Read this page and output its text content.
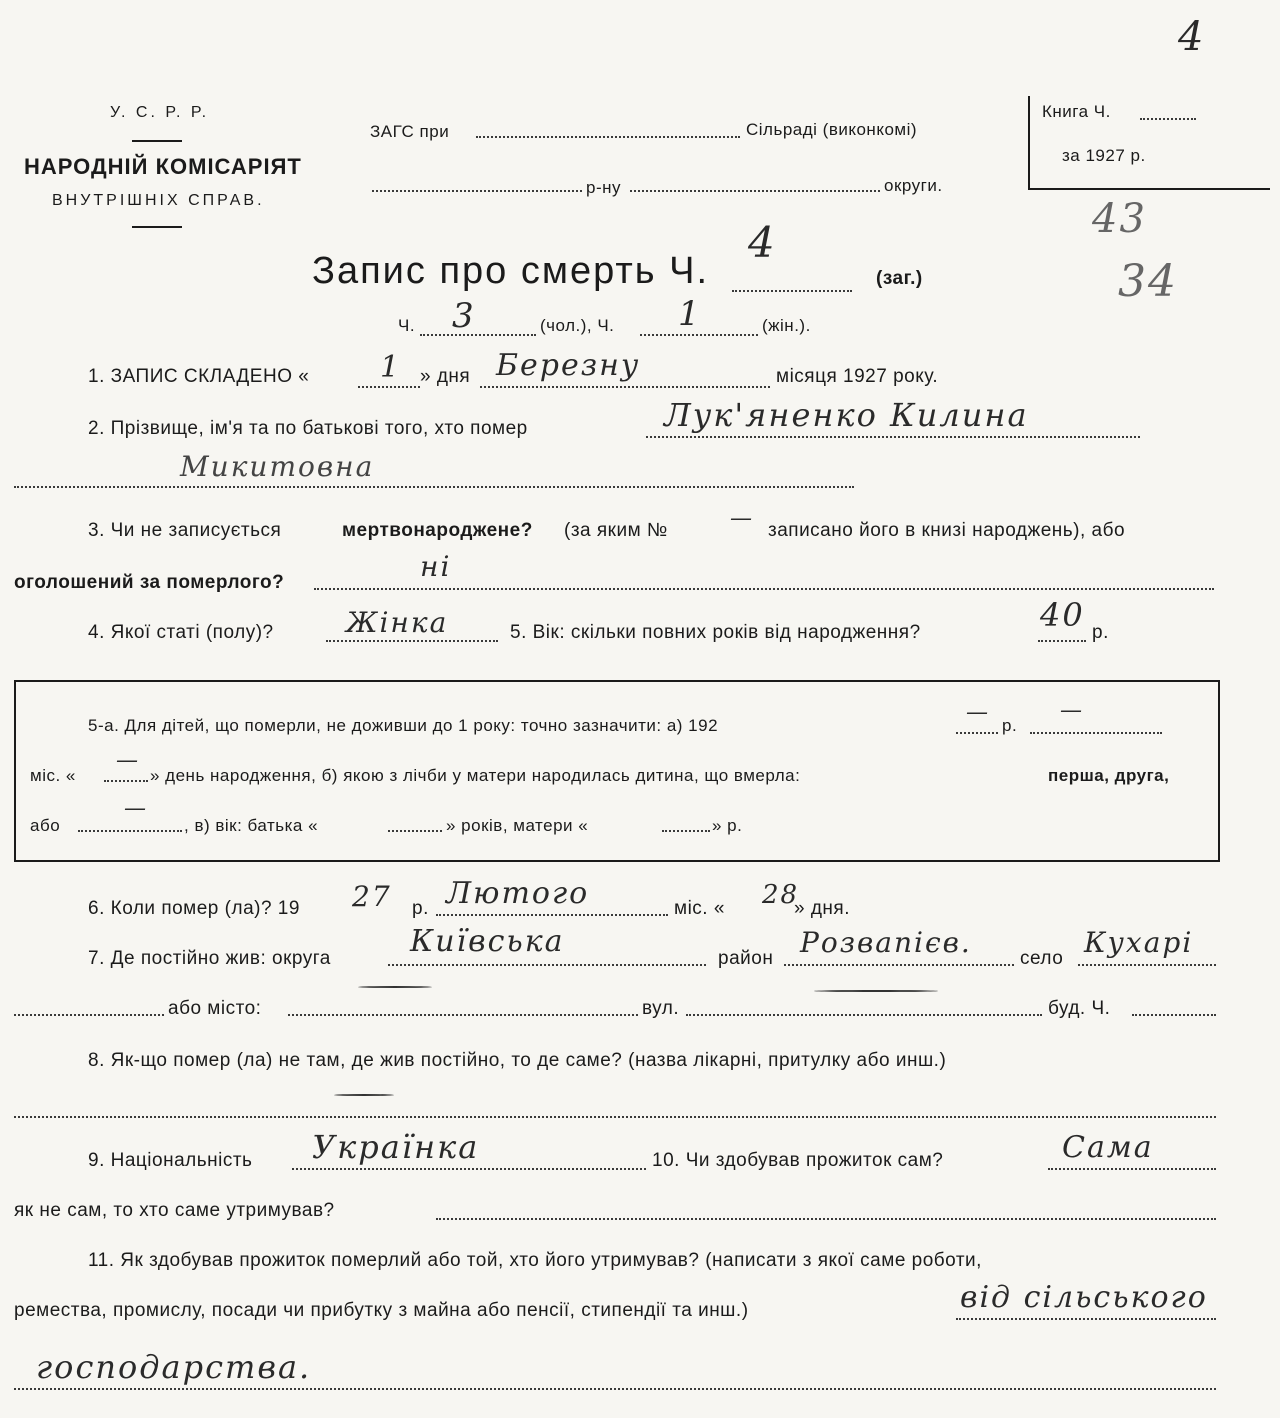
У. С. Р. Р.
НАРОДНІЙ КОМІСАРІЯТ
ВНУТРІШНІХ СПРАВ.
ЗАГС при	Сільраді (виконкомі)
р-ну	округи.
Книга Ч.
за 1927 р.
4
43
34
Запис про смерть Ч.
4
(заг.)
Ч. 3	(чол.), Ч. 1	(жін.).
1. ЗАПИС СКЛАДЕНО « 1 » дня Березну	місяця 1927 року.
2. Прізвище, ім'я та по батькові того, хто помер	Лук'яненко Килина
Микитовна
3. Чи не записується	мертвонароджене? (за яким №	— записано його в книзі народжень), або
оголошений за померлого?	ні
4. Якої статі (полу)?	Жінка	5. Вік: скільки повних років від народження?	40 р.
5-а. Для дітей, що померли, не доживши до 1 року: точно зазначити: а) 192
—
р.
—
міс. «
—
» день народження, б) якою з лічби у матери народилась дитина, що вмерла:	перша, друга,
або
—
, в) вік: батька «	» років, матери «	» р.
6. Коли помер (ла)? 19 27 р. Лютого	міс. « 28
» дня.
7. Де постійно жив: округа	Київська	район Розвапієв.	село Кухарі
або місто:	вул.	буд. Ч.
8. Як-що помер (ла) не там, де жив постійно, то де саме? (назва лікарні, притулку або инш.)
9. Національність Українка	10. Чи здобував прожиток сам?	Сама
як не сам, то хто саме утримував?
11. Як здобував прожиток померлий або той, хто його утримував? (написати з якої саме роботи,
ремества, промислу, посади чи прибутку з майна або пенсії, стипендії та инш.)	від сільського
господарства.
